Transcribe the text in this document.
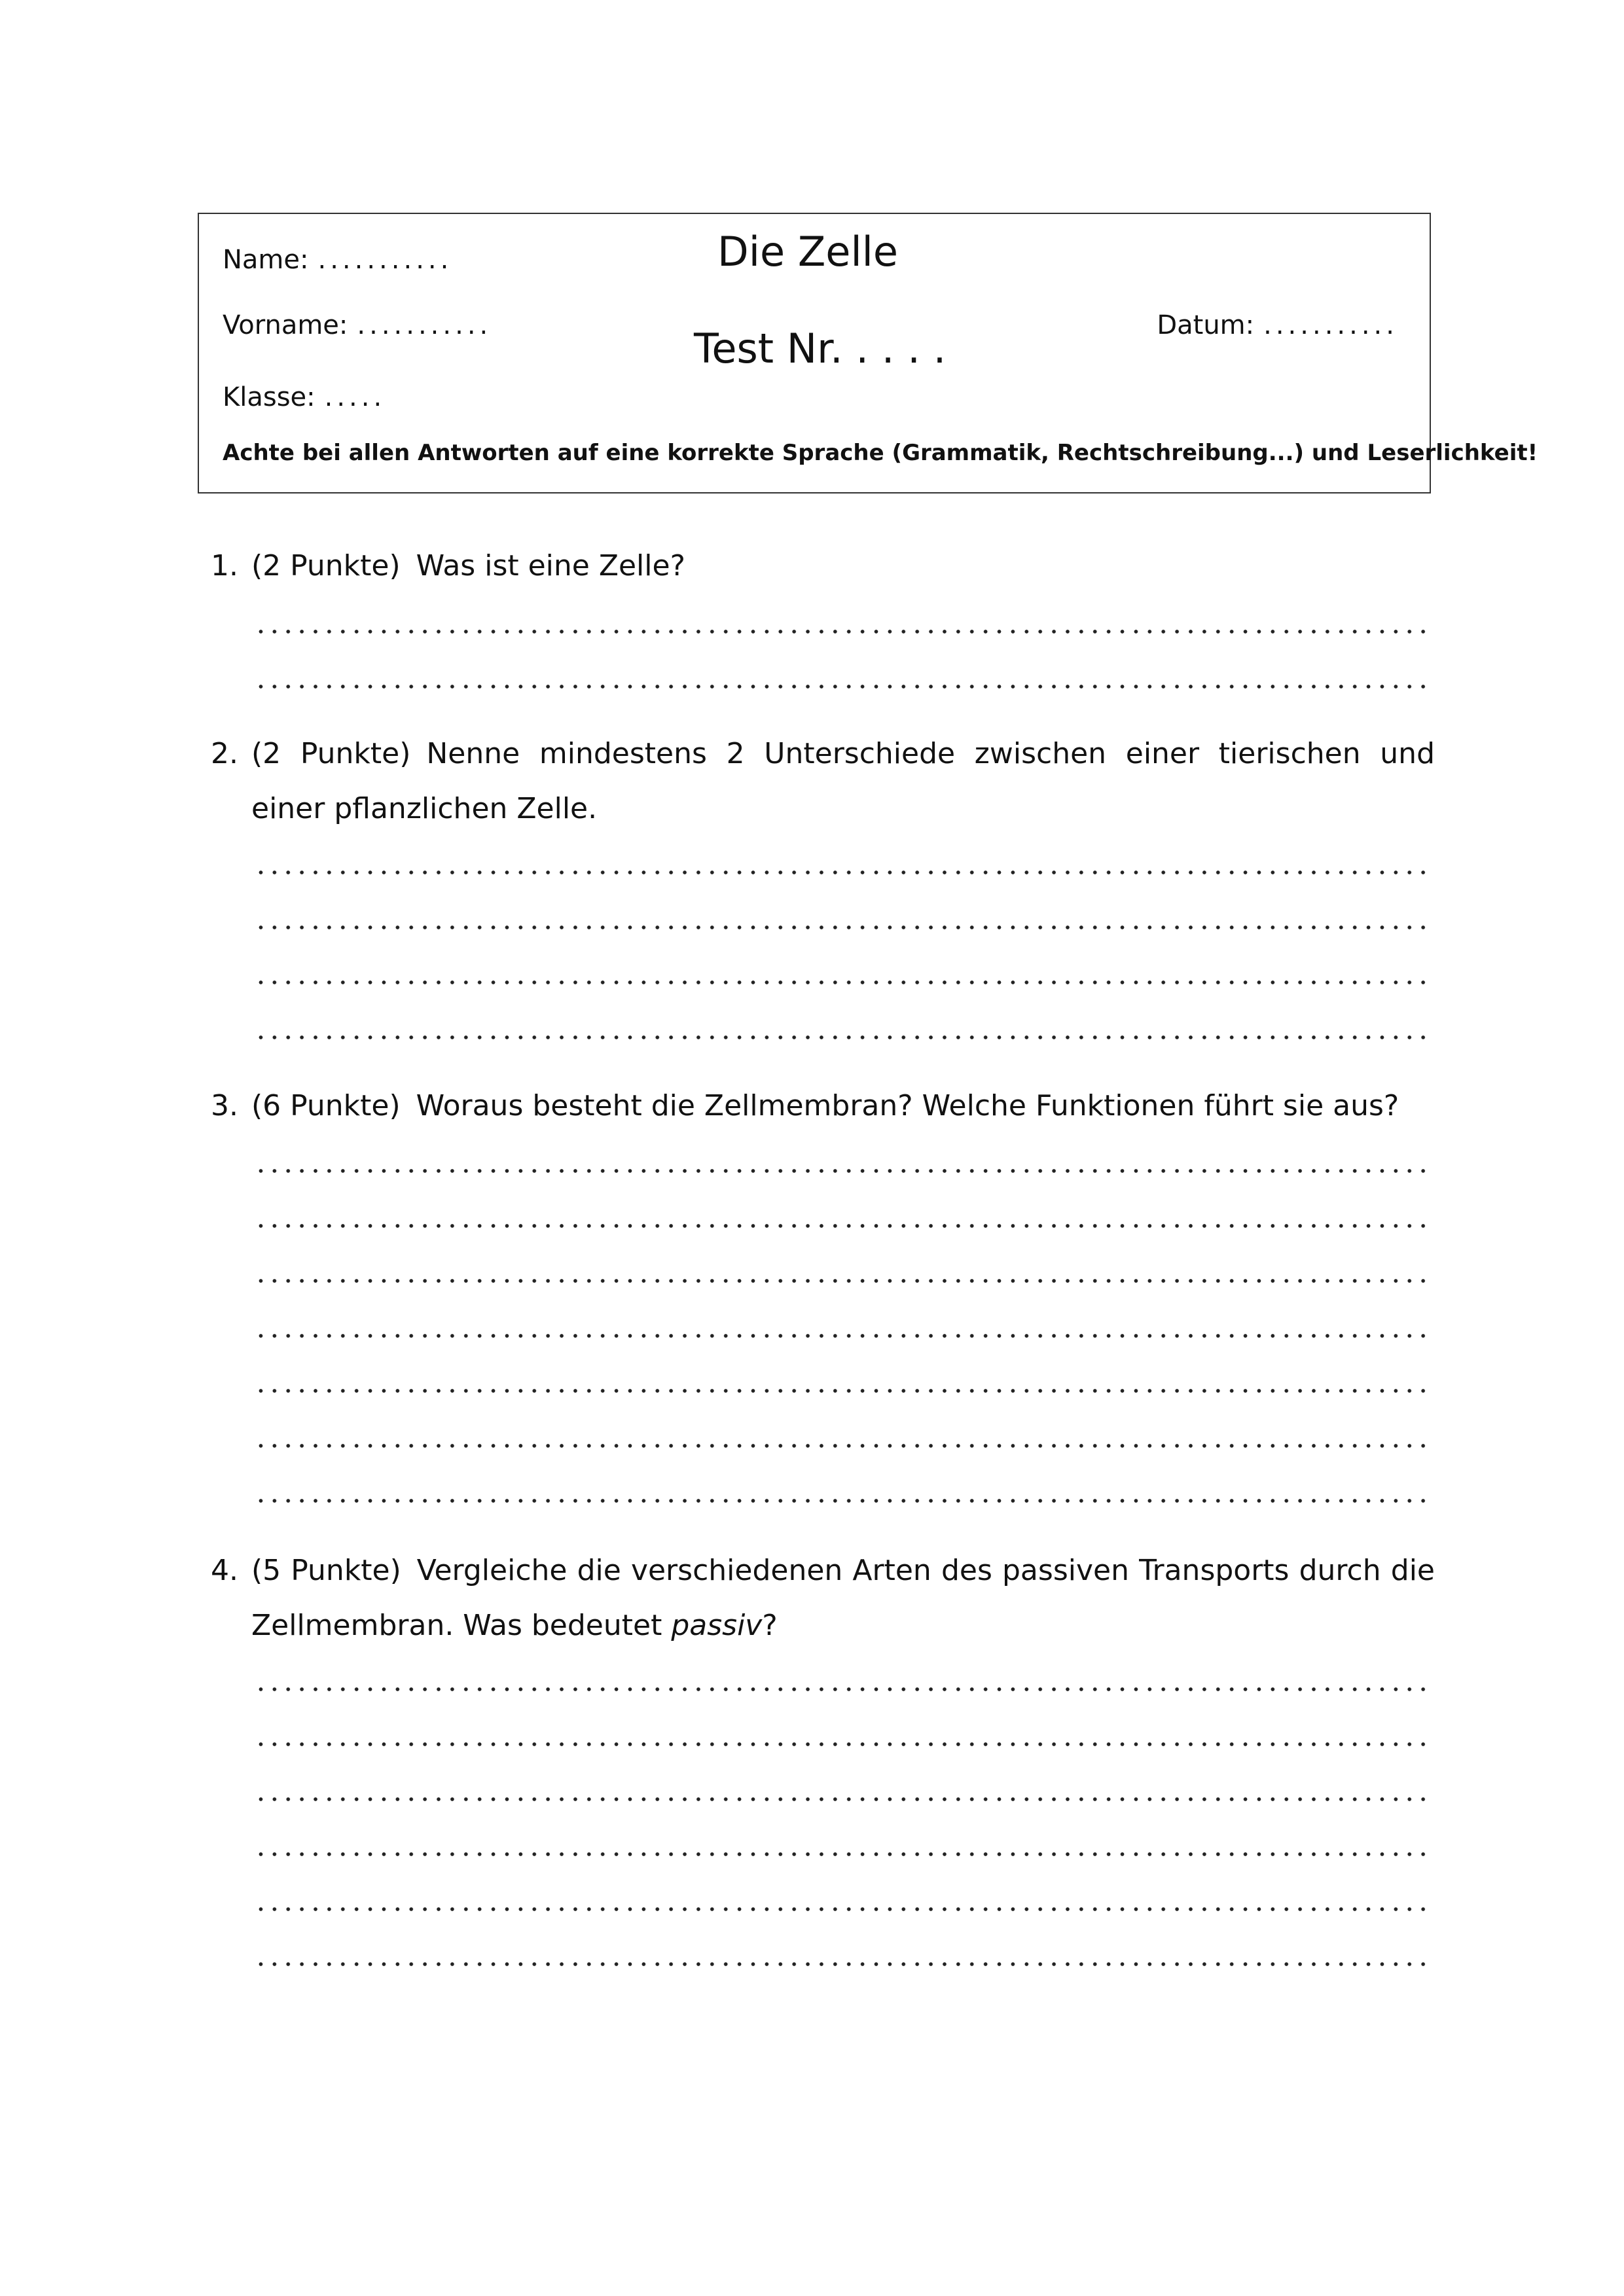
Name: ...........
Vorname: ...........
Klasse: .....
Datum: ...........
Die Zelle
Test Nr. . . . .
Achte bei allen Antworten auf eine korrekte Sprache (Grammatik, Rechtschreibung...) und Leserlichkeit!
1. (2 Punkte) Was ist eine Zelle?
2. (2 Punkte) Nenne mindestens 2 Unterschiede zwischen einer tierischen und einer pflanzlichen Zelle.
3. (6 Punkte) Woraus besteht die Zellmembran? Welche Funktionen führt sie aus?
4. (5 Punkte) Vergleiche die verschiedenen Arten des passiven Transports durch die Zellmembran. Was bedeutet passiv?
